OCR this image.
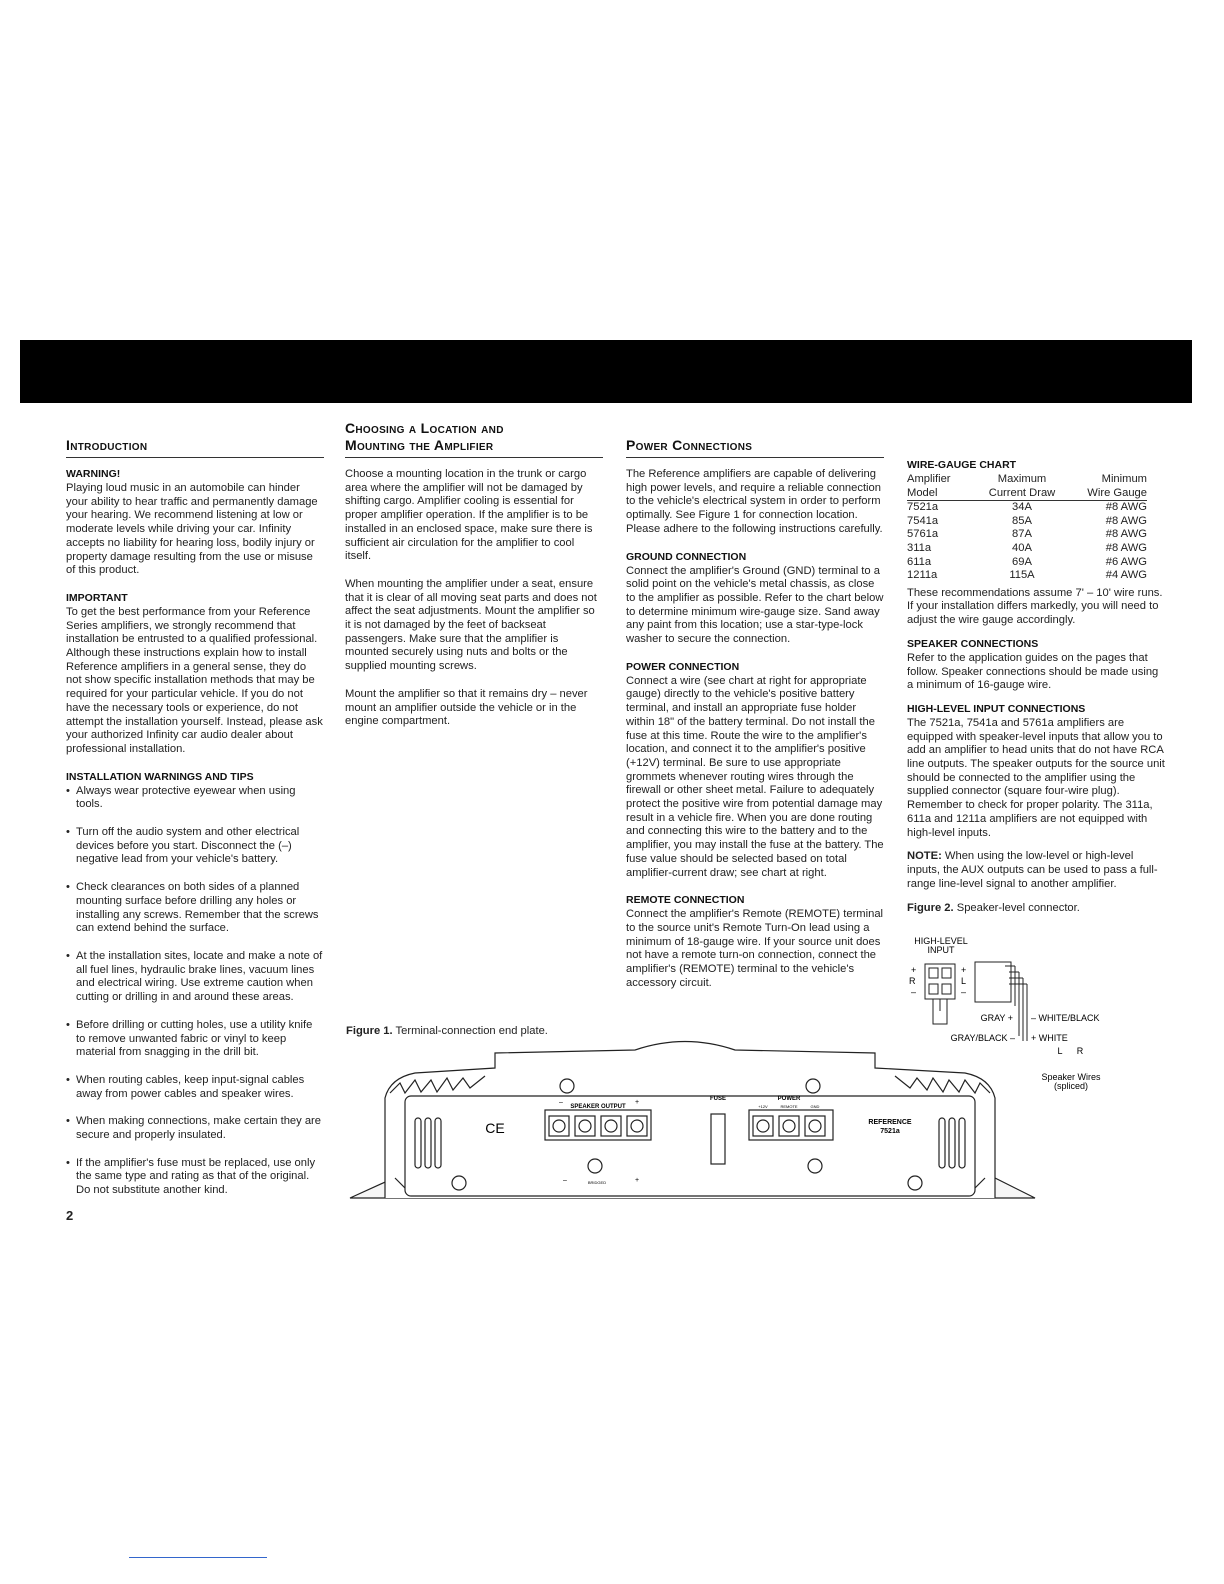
Introduction
WARNING!

Playing loud music in an automobile can hinder your ability to hear traffic and permanently damage your hearing. We recommend listening at low or moderate levels while driving your car. Infinity accepts no liability for hearing loss, bodily injury or property damage resulting from the use or misuse of this product.

IMPORTANT

To get the best performance from your Reference Series amplifiers, we strongly recommend that installation be entrusted to a qualified professional. Although these instructions explain how to install Reference amplifiers in a general sense, they do not show specific installation methods that may be required for your particular vehicle. If you do not have the necessary tools or experience, do not attempt the installation yourself. Instead, please ask your authorized Infinity car audio dealer about professional installation.

INSTALLATION WARNINGS AND TIPS
• Always wear protective eyewear when using tools.
• Turn off the audio system and other electrical devices before you start. Disconnect the (–) negative lead from your vehicle's battery.
• Check clearances on both sides of a planned mounting surface before drilling any holes or installing any screws. Remember that the screws can extend behind the surface.
• At the installation sites, locate and make a note of all fuel lines, hydraulic brake lines, vacuum lines and electrical wiring. Use extreme caution when cutting or drilling in and around these areas.
• Before drilling or cutting holes, use a utility knife to remove unwanted fabric or vinyl to keep material from snagging in the drill bit.
• When routing cables, keep input-signal cables away from power cables and speaker wires.
• When making connections, make certain they are secure and properly insulated.
• If the amplifier's fuse must be replaced, use only the same type and rating as that of the original. Do not substitute another kind.
Choosing a Location and
Mounting the Amplifier

Choose a mounting location in the trunk or cargo area where the amplifier will not be damaged by shifting cargo. Amplifier cooling is essential for proper amplifier operation. If the amplifier is to be installed in an enclosed space, make sure there is sufficient air circulation for the amplifier to cool itself.

When mounting the amplifier under a seat, ensure that it is clear of all moving seat parts and does not affect the seat adjustments. Mount the amplifier so it is not damaged by the feet of backseat passengers. Make sure that the amplifier is mounted securely using nuts and bolts or the supplied mounting screws.

Mount the amplifier so that it remains dry – never mount an amplifier outside the vehicle or in the engine compartment.

Power Connections

The Reference amplifiers are capable of delivering high power levels, and require a reliable connection to the vehicle's electrical system in order to perform optimally. See Figure 1 for connection location. Please adhere to the following instructions carefully.

GROUND CONNECTION

Connect the amplifier's Ground (GND) terminal to a solid point on the vehicle's metal chassis, as close to the amplifier as possible. Refer to the chart below to determine minimum wire-gauge size. Sand away any paint from this location; use a star-type-lock washer to secure the connection.

POWER CONNECTION

Connect a wire (see chart at right for appropriate gauge) directly to the vehicle's positive battery terminal, and install an appropriate fuse holder within 18" of the battery terminal. Do not install the fuse at this time. Route the wire to the amplifier's location, and connect it to the amplifier's positive (+12V) terminal. Be sure to use appropriate grommets whenever routing wires through the firewall or other sheet metal. Failure to adequately protect the positive wire from potential damage may result in a vehicle fire. When you are done routing and connecting this wire to the battery and to the amplifier, you may install the fuse at the battery. The fuse value should be selected based on total amplifier-current draw; see chart at right.

REMOTE CONNECTION

Connect the amplifier's Remote (REMOTE) terminal to the source unit's Remote Turn-On lead using a minimum of 18-gauge wire. If your source unit does not have a remote turn-on connection, connect the amplifier's (REMOTE) terminal to the vehicle's accessory circuit.

WIRE-GAUGE CHART
Amplifier	Maximum	Minimum
Model	Current Draw	Wire Gauge
7521a	34A	#8 AWG
7541a	85A	#8 AWG
5761a	87A	#8 AWG
311a	40A	#8 AWG
611a	69A	#6 AWG
1211a	115A	#4 AWG

These recommendations assume 7' – 10' wire runs. If your installation differs markedly, you will need to adjust the wire gauge accordingly.

SPEAKER CONNECTIONS

Refer to the application guides on the pages that follow. Speaker connections should be made using a minimum of 16-gauge wire.

HIGH-LEVEL INPUT CONNECTIONS

The 7521a, 7541a and 5761a amplifiers are equipped with speaker-level inputs that allow you to add an amplifier to head units that do not have RCA line outputs. The speaker outputs for the source unit should be connected to the amplifier using the supplied connector (square four-wire plug). Remember to check for proper polarity. The 311a, 611a and 1211a amplifiers are not equipped with high-level inputs.

NOTE: When using the low-level or high-level inputs, the AUX outputs can be used to pass a full-range line-level signal to another amplifier.

Figure 2. Speaker-level connector.

Figure 1. Terminal-connection end plate.
SPEAKER OUTPUT
–	+	FUSE	POWER
+12V	REMOTE	GND
CE
BRIDGED
–	+
REFERENCE
7521a
HIGH-LEVEL
INPUT
+
R
–
+
L
–
GRAY + – WHITE/BLACK
GRAY/BLACK – + WHITE
L R
Speaker Wires
(spliced)
2
